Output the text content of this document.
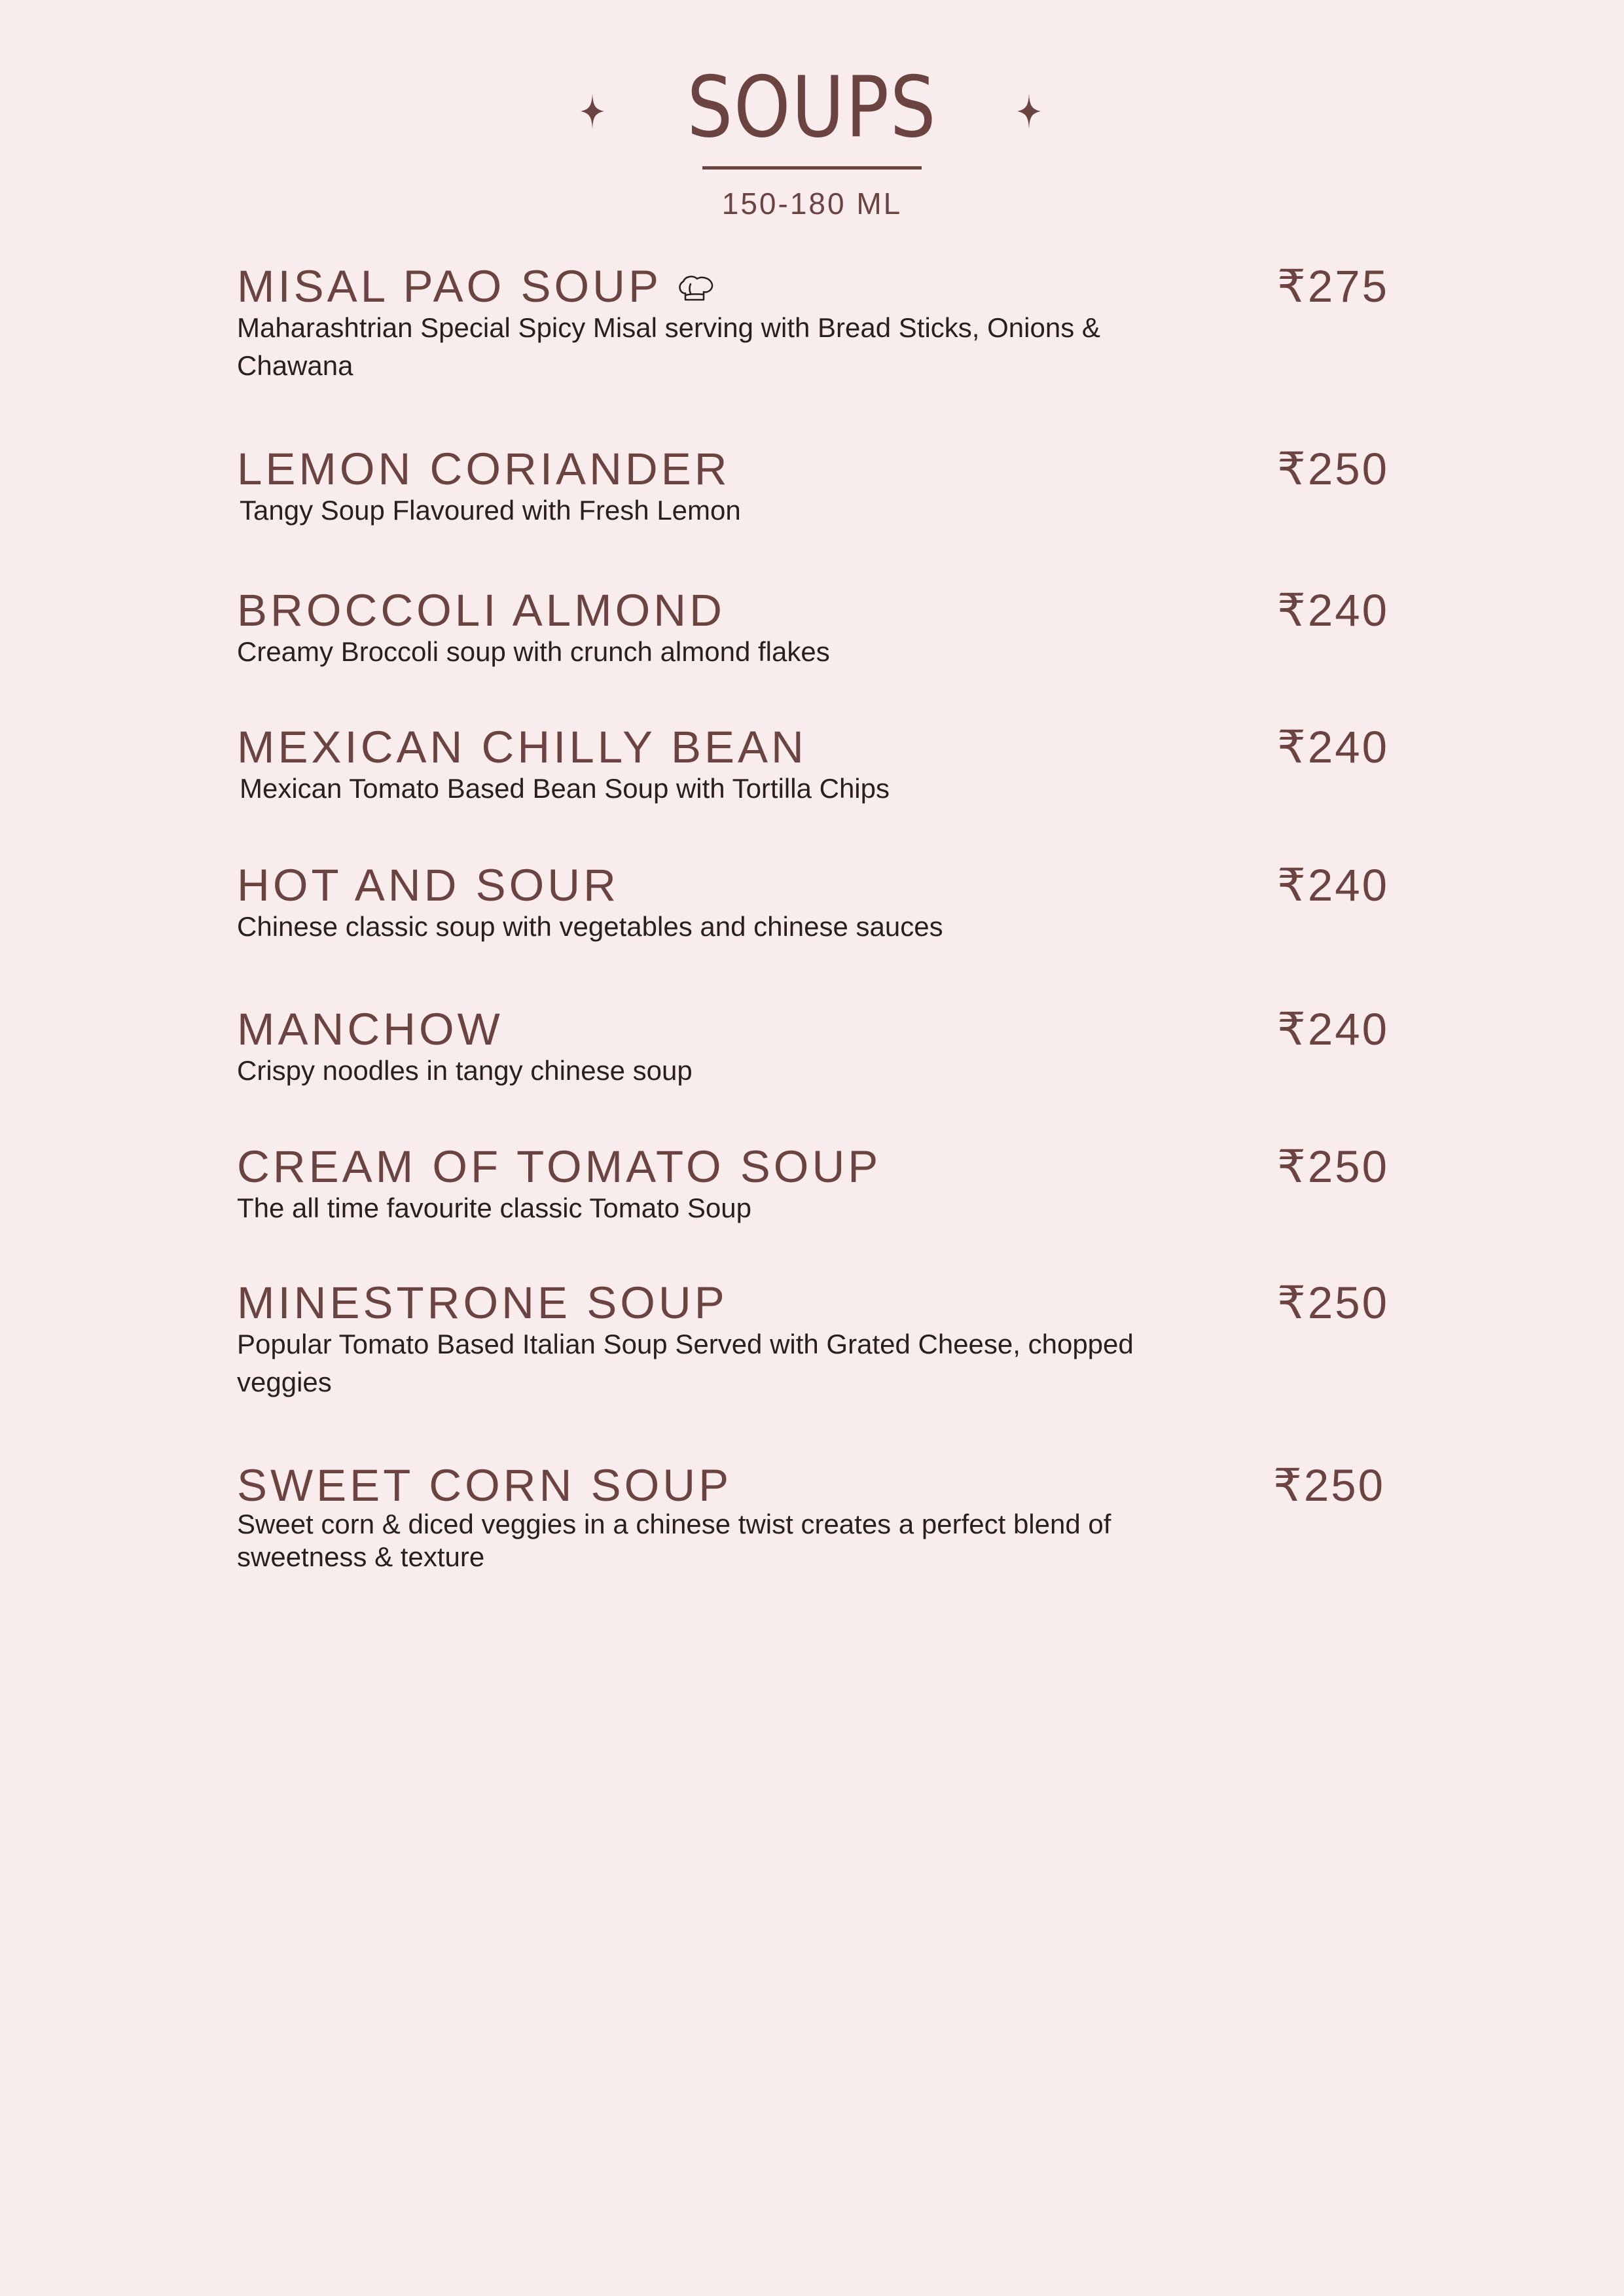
SOUPS
150-180 ML
MISAL PAO SOUP	₹275
Maharashtrian Special Spicy Misal serving with Bread Sticks, Onions & Chawana
LEMON CORIANDER	₹250
Tangy Soup Flavoured with Fresh Lemon
BROCCOLI ALMOND	₹240
Creamy Broccoli soup with crunch almond flakes
MEXICAN CHILLY BEAN	₹240
Mexican Tomato Based Bean Soup with Tortilla Chips
HOT AND SOUR	₹240
Chinese classic soup with vegetables and chinese sauces
MANCHOW	₹240
Crispy noodles in tangy chinese soup
CREAM OF TOMATO SOUP	₹250
The all time favourite classic Tomato Soup
MINESTRONE SOUP	₹250
Popular Tomato Based Italian Soup Served with Grated Cheese, chopped veggies
SWEET CORN SOUP	₹250
Sweet corn & diced veggies in a chinese twist creates a perfect blend of sweetness & texture
